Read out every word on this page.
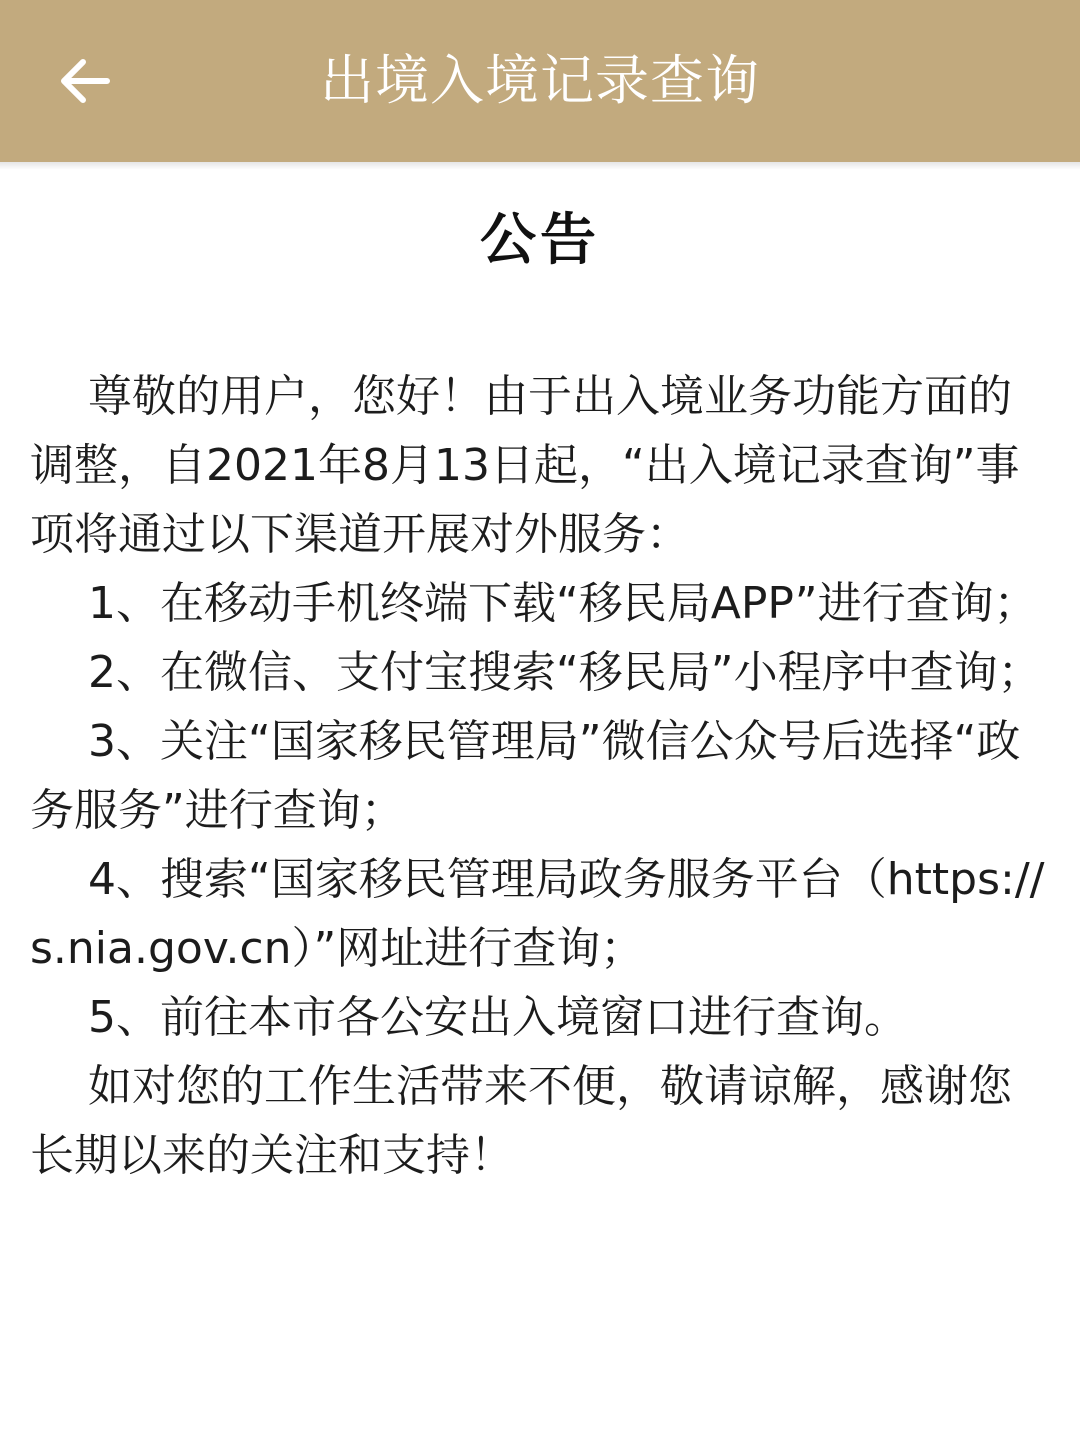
出境入境记录查询
公告

尊敬的用户，您好！由于出入境业务功能方面的调整，自2021年8月13日起，“出入境记录查询”事项将通过以下渠道开展对外服务：

1、在移动手机终端下载“移民局APP”进行查询；

2、在微信、支付宝搜索“移民局”小程序中查询；

3、关注“国家移民管理局”微信公众号后选择“政务服务”进行查询；

4、搜索“国家移民管理局政务服务平台（https:// s.nia.gov.cn）”网址进行查询；

5、前往本市各公安出入境窗口进行查询。

如对您的工作生活带来不便，敬请谅解，感谢您长期以来的关注和支持！
